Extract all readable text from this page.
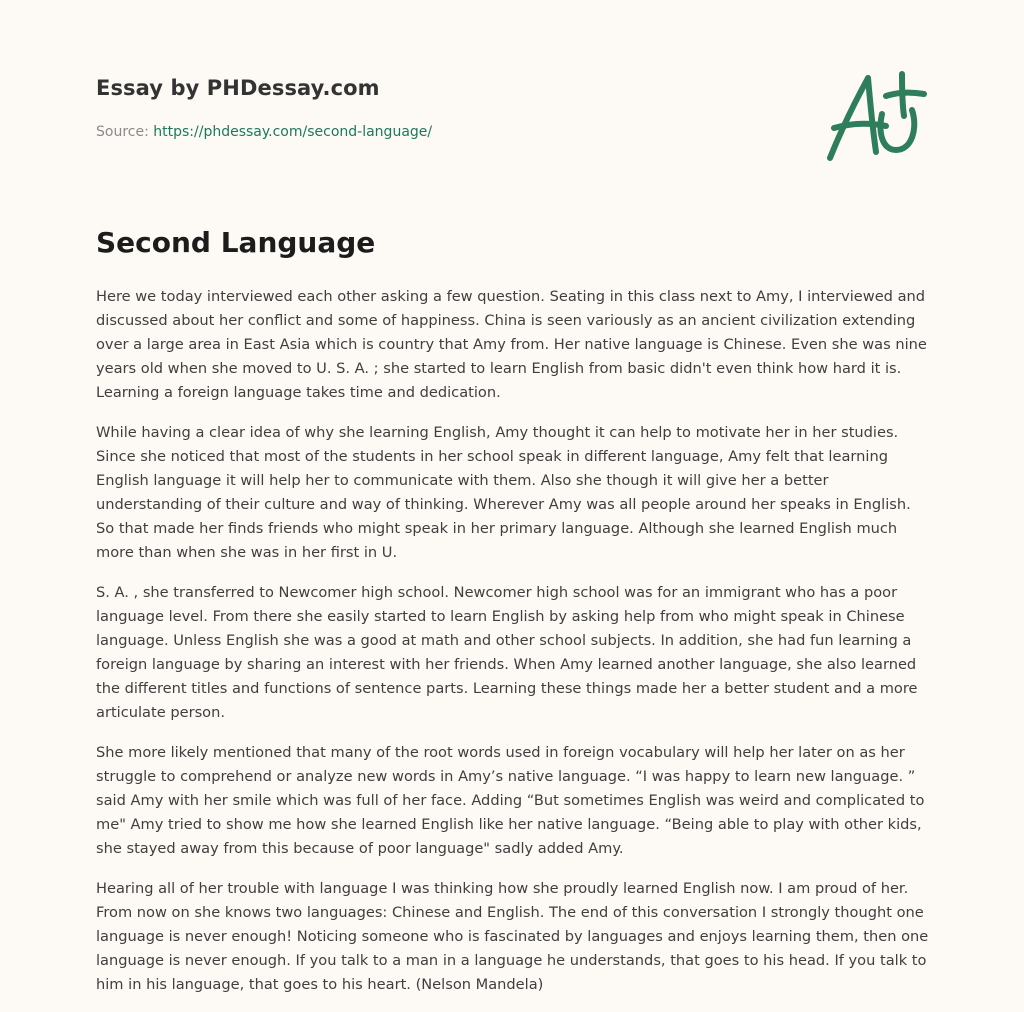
Essay by PHDessay.com
Source: https://phdessay.com/second-language/
Second Language

Here we today interviewed each other asking a few question. Seating in this class next to Amy, I interviewed and discussed about her conflict and some of happiness. China is seen variously as an ancient civilization extending over a large area in East Asia which is country that Amy from. Her native language is Chinese. Even she was nine years old when she moved to U. S. A. ; she started to learn English from basic didn't even think how hard it is. Learning a foreign language takes time and dedication.

While having a clear idea of why she learning English, Amy thought it can help to motivate her in her studies. Since she noticed that most of the students in her school speak in different language, Amy felt that learning English language it will help her to communicate with them. Also she though it will give her a better understanding of their culture and way of thinking. Wherever Amy was all people around her speaks in English. So that made her finds friends who might speak in her primary language. Although she learned English much more than when she was in her first in U.

S. A. , she transferred to Newcomer high school. Newcomer high school was for an immigrant who has a poor language level. From there she easily started to learn English by asking help from who might speak in Chinese language. Unless English she was a good at math and other school subjects. In addition, she had fun learning a foreign language by sharing an interest with her friends. When Amy learned another language, she also learned the different titles and functions of sentence parts. Learning these things made her a better student and a more articulate person.

She more likely mentioned that many of the root words used in foreign vocabulary will help her later on as her struggle to comprehend or analyze new words in Amy’s native language. “I was happy to learn new language. ” said Amy with her smile which was full of her face. Adding “But sometimes English was weird and complicated to me" Amy tried to show me how she learned English like her native language. “Being able to play with other kids, she stayed away from this because of poor language" sadly added Amy.

Hearing all of her trouble with language I was thinking how she proudly learned English now. I am proud of her. From now on she knows two languages: Chinese and English. The end of this conversation I strongly thought one language is never enough! Noticing someone who is fascinated by languages and enjoys learning them, then one language is never enough. If you talk to a man in a language he understands, that goes to his head. If you talk to him in his language, that goes to his heart. (Nelson Mandela)
